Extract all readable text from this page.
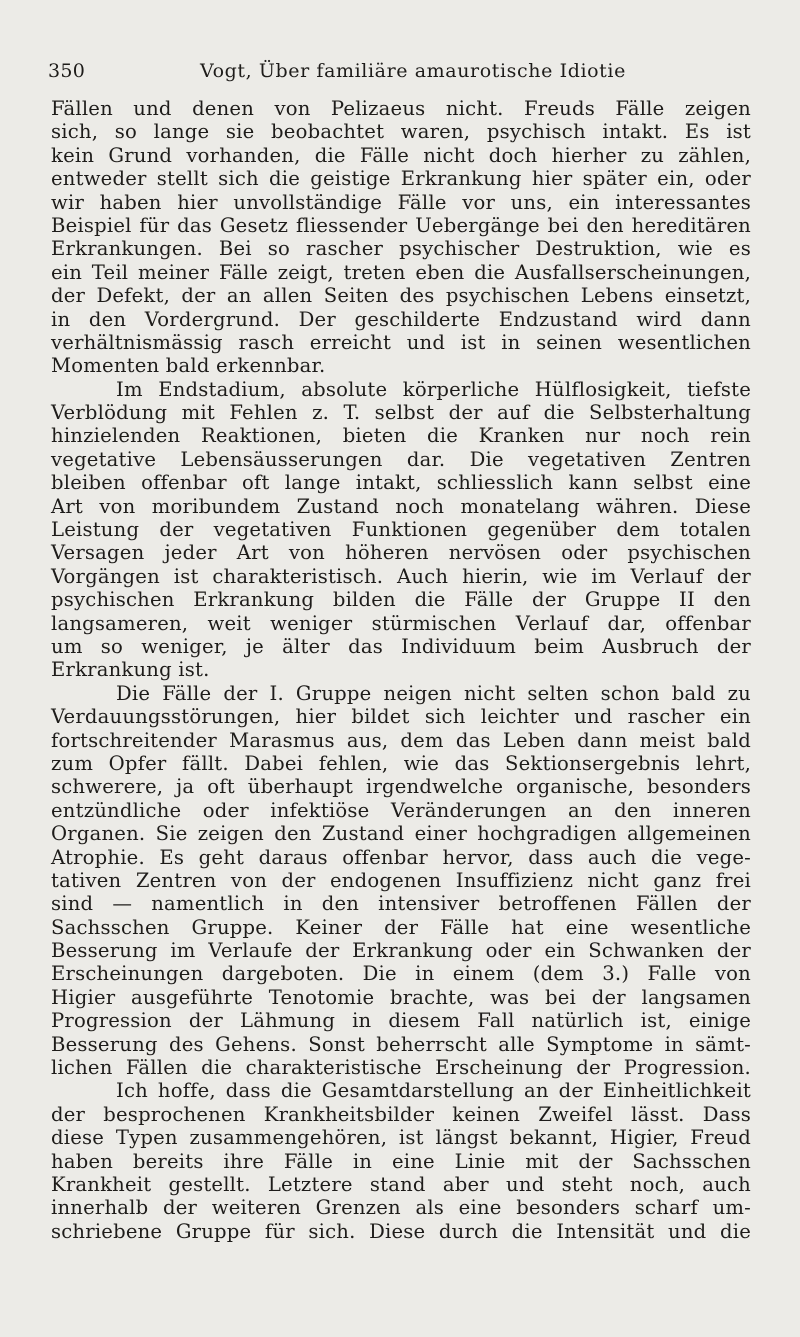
350	Vogt, Über familiäre amaurotische Idiotie
Fällen und denen von Pelizaeus nicht. Freuds Fälle zeigen
sich, so lange sie beobachtet waren, psychisch intakt. Es ist
kein Grund vorhanden, die Fälle nicht doch hierher zu zählen,
entweder stellt sich die geistige Erkrankung hier später ein, oder
wir haben hier unvollständige Fälle vor uns, ein interessantes
Beispiel für das Gesetz fliessender Uebergänge bei den hereditären
Erkrankungen. Bei so rascher psychischer Destruktion, wie es
ein Teil meiner Fälle zeigt, treten eben die Ausfallserscheinungen,
der Defekt, der an allen Seiten des psychischen Lebens einsetzt,
in den Vordergrund. Der geschilderte Endzustand wird dann
verhältnismässig rasch erreicht und ist in seinen wesentlichen
Momenten bald erkennbar.
Im Endstadium, absolute körperliche Hülflosigkeit, tiefste
Verblödung mit Fehlen z. T. selbst der auf die Selbsterhaltung
hinzielenden Reaktionen, bieten die Kranken nur noch rein
vegetative Lebensäusserungen dar. Die vegetativen Zentren
bleiben offenbar oft lange intakt, schliesslich kann selbst eine
Art von moribundem Zustand noch monatelang währen. Diese
Leistung der vegetativen Funktionen gegenüber dem totalen
Versagen jeder Art von höheren nervösen oder psychischen
Vorgängen ist charakteristisch. Auch hierin, wie im Verlauf der
psychischen Erkrankung bilden die Fälle der Gruppe II den
langsameren, weit weniger stürmischen Verlauf dar, offenbar
um so weniger, je älter das Individuum beim Ausbruch der
Erkrankung ist.
Die Fälle der I. Gruppe neigen nicht selten schon bald zu
Verdauungsstörungen, hier bildet sich leichter und rascher ein
fortschreitender Marasmus aus, dem das Leben dann meist bald
zum Opfer fällt. Dabei fehlen, wie das Sektionsergebnis lehrt,
schwerere, ja oft überhaupt irgendwelche organische, besonders
entzündliche oder infektiöse Veränderungen an den inneren
Organen. Sie zeigen den Zustand einer hochgradigen allgemeinen
Atrophie. Es geht daraus offenbar hervor, dass auch die vege-
tativen Zentren von der endogenen Insuffizienz nicht ganz frei
sind — namentlich in den intensiver betroffenen Fällen der
Sachsschen Gruppe. Keiner der Fälle hat eine wesentliche
Besserung im Verlaufe der Erkrankung oder ein Schwanken der
Erscheinungen dargeboten. Die in einem (dem 3.) Falle von
Higier ausgeführte Tenotomie brachte, was bei der langsamen
Progression der Lähmung in diesem Fall natürlich ist, einige
Besserung des Gehens. Sonst beherrscht alle Symptome in sämt-
lichen Fällen die charakteristische Erscheinung der Progression.
Ich hoffe, dass die Gesamtdarstellung an der Einheitlichkeit
der besprochenen Krankheitsbilder keinen Zweifel lässt. Dass
diese Typen zusammengehören, ist längst bekannt, Higier, Freud
haben bereits ihre Fälle in eine Linie mit der Sachsschen
Krankheit gestellt. Letztere stand aber und steht noch, auch
innerhalb der weiteren Grenzen als eine besonders scharf um-
schriebene Gruppe für sich. Diese durch die Intensität und die
